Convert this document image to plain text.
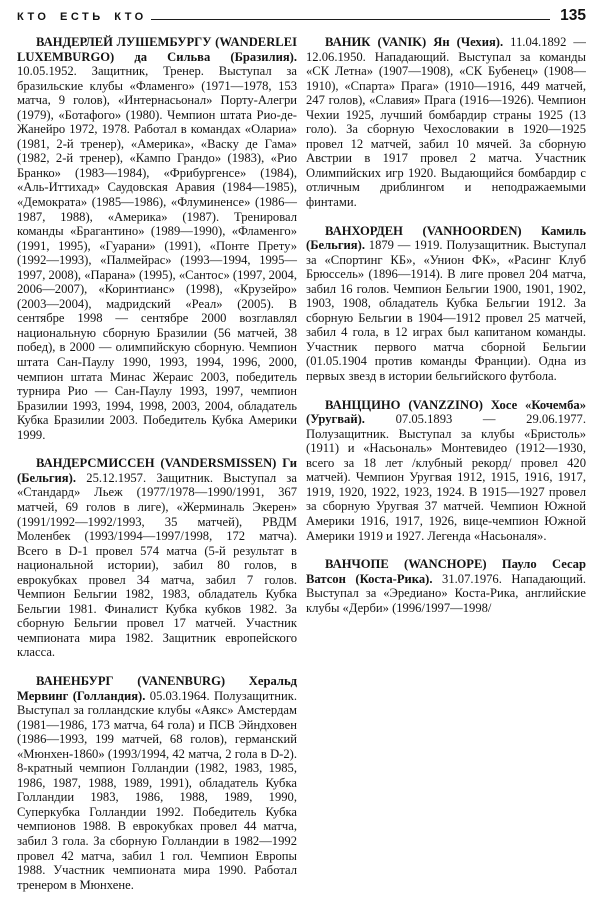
КТО ЕСТЬ КТО	135

ВАНДЕРЛЕЙ ЛУШЕМБУРГУ (WANDERLEI LUXEMBURGO) да Сильва (Бразилия). 10.05.1952. Защитник, Тренер. Выступал за бразильские клубы «Фламенго» (1971—1978, 153 матча, 9 голов), «Интернасьонал» Порту-Алегри (1979), «Ботафого» (1980). Чемпион штата Рио-де-Жанейро 1972, 1978. Работал в командах «Олариа» (1981, 2-й тренер), «Америка», «Васку де Гама» (1982, 2-й тренер), «Кампо Грандо» (1983), «Рио Бранко» (1983—1984), «Фрибургенсе» (1984), «Аль-Иттихад» Саудовская Аравия (1984—1985), «Демократа» (1985—1986), «Флуминенсе» (1986—1987, 1988), «Америка» (1987). Тренировал команды «Брагантино» (1989—1990), «Фламенго» (1991, 1995), «Гуарани» (1991), «Понте Прету» (1992—1993), «Палмейрас» (1993—1994, 1995—1997, 2008), «Парана» (1995), «Сантос» (1997, 2004, 2006—2007), «Коринтианс» (1998), «Крузейро» (2003—2004), мадридский «Реал» (2005). В сентябре 1998 — сентябре 2000 возглавлял национальную сборную Бразилии (56 матчей, 38 побед), в 2000 — олимпийскую сборную. Чемпион штата Сан-Паулу 1990, 1993, 1994, 1996, 2000, чемпион штата Минас Жераис 2003, победитель турнира Рио — Сан-Паулу 1993, 1997, чемпион Бразилии 1993, 1994, 1998, 2003, 2004, обладатель Кубка Бразилии 2003. Победитель Кубка Америки 1999.

ВАНДЕРСМИССЕН (VANDERSMISSEN) Ги (Бельгия). 25.12.1957. Защитник. Выступал за «Стандард» Льеж (1977/1978—1990/1991, 367 матчей, 69 голов в лиге), «Жерминаль Экерен» (1991/1992—1992/1993, 35 матчей), РВДМ Моленбек (1993/1994—1997/1998, 172 матча). Всего в D-1 провел 574 матча (5-й результат в национальной истории), забил 80 голов, в еврокубках провел 34 матча, забил 7 голов. Чемпион Бельгии 1982, 1983, обладатель Кубка Бельгии 1981. Финалист Кубка кубков 1982. За сборную Бельгии провел 17 матчей. Участник чемпионата мира 1982. Защитник европейского класса.

ВАНЕНБУРГ (VANENBURG) Херальд Мервинг (Голландия). 05.03.1964. Полузащитник. Выступал за голландские клубы «Аякс» Амстердам (1981—1986, 173 матча, 64 гола) и ПСВ Эйндховен (1986—1993, 199 матчей, 68 голов), германский «Мюнхен-1860» (1993/1994, 42 матча, 2 гола в D-2). 8-кратный чемпион Голландии (1982, 1983, 1985, 1986, 1987, 1988, 1989, 1991), обладатель Кубка Голландии 1983, 1986, 1988, 1989, 1990, Суперкубка Голландии 1992. Победитель Кубка чемпионов 1988. В еврокубках провел 44 матча, забил 3 гола. За сборную Голландии в 1982—1992 провел 42 матча, забил 1 гол. Чемпион Европы 1988. Участник чемпионата мира 1990. Работал тренером в Мюнхене.

ВАНИК (VANIK) Ян (Чехия). 11.04.1892 — 12.06.1950. Нападающий. Выступал за команды «СК Летна» (1907—1908), «СК Бубенец» (1908—1910), «Спарта» Прага» (1910—1916, 449 матчей, 247 голов), «Славия» Прага (1916—1926). Чемпион Чехии 1925, лучший бомбардир страны 1925 (13 голо). За сборную Чехословакии в 1920—1925 провел 12 матчей, забил 10 мячей. За сборную Австрии в 1917 провел 2 матча. Участник Олимпийских игр 1920. Выдающийся бомбардир с отличным дриблингом и неподражаемыми финтами.

ВАНХОРДЕН (VANHOORDEN) Камиль (Бельгия). 1879 — 1919. Полузащитник. Выступал за «Спортинг КБ», «Унион ФК», «Расинг Клуб Брюссель» (1896—1914). В лиге провел 204 матча, забил 16 голов. Чемпион Бельгии 1900, 1901, 1902, 1903, 1908, обладатель Кубка Бельгии 1912. За сборную Бельгии в 1904—1912 провел 25 матчей, забил 4 гола, в 12 играх был капитаном команды. Участник первого матча сборной Бельгии (01.05.1904 против команды Франции). Одна из первых звезд в истории бельгийского футбола.

ВАНЦЦИНО (VANZZINO) Хосе «Кочемба» (Уругвай). 07.05.1893 — 29.06.1977. Полузащитник. Выступал за клубы «Бристоль» (1911) и «Насьональ» Монтевидео (1912—1930, всего за 18 лет /клубный рекорд/ провел 420 матчей). Чемпион Уругвая 1912, 1915, 1916, 1917, 1919, 1920, 1922, 1923, 1924. В 1915—1927 провел за сборную Уругвая 37 матчей. Чемпион Южной Америки 1916, 1917, 1926, вице-чемпион Южной Америки 1919 и 1927. Легенда «Насьоналя».

ВАНЧОПЕ (WANCHOPE) Пауло Сесар Ватсон (Коста-Рика). 31.07.1976. Нападающий. Выступал за «Эредиано» Коста-Рика, английские клубы «Дерби» (1996/1997—1998/
